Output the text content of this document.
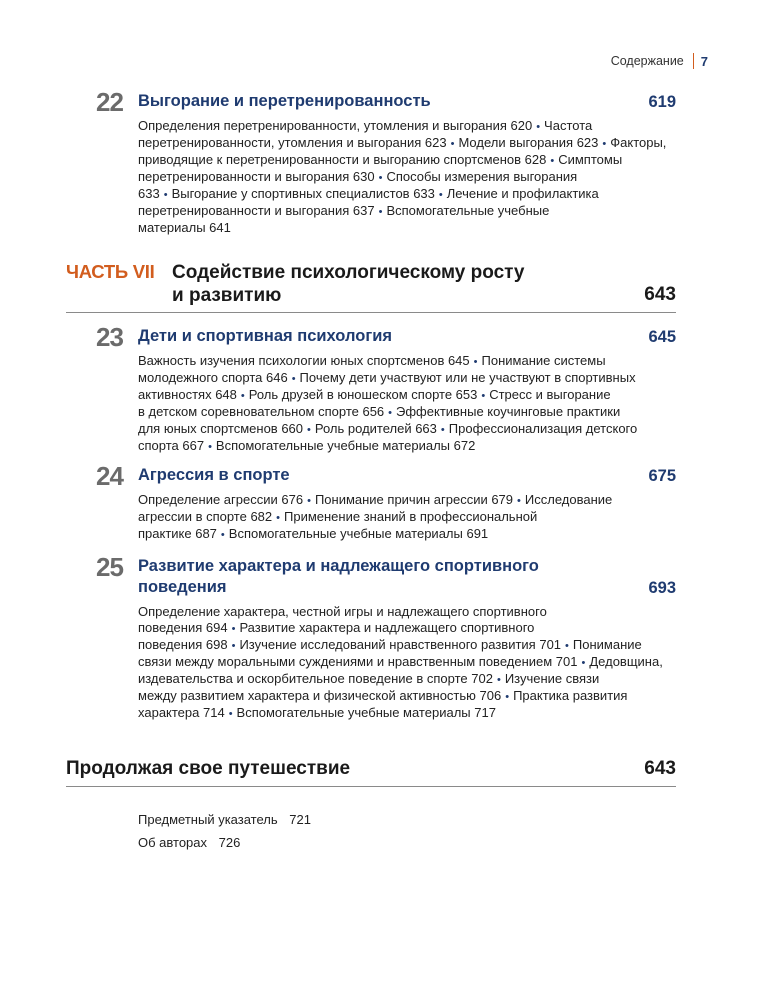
Содержание 7
22 Выгорание и перетренированность	619
Определения перетренированности, утомления и выгорания 620 • Частота
перетренированности, утомления и выгорания 623 • Модели выгорания 623 • Факторы,
приводящие к перетренированности и выгоранию спортсменов 628 • Симптомы
перетренированности и выгорания 630 • Способы измерения выгорания
633 • Выгорание у спортивных специалистов 633 • Лечение и профилактика
перетренированности и выгорания 637 • Вспомогательные учебные
материалы 641
ЧАСТЬ VII Содействие психологическому росту
и развитию	643
23 Дети и спортивная психология	645
Важность изучения психологии юных спортсменов 645 • Понимание системы
молодежного спорта 646 • Почему дети участвуют или не участвуют в спортивных
активностях 648 • Роль друзей в юношеском спорте 653 • Стресс и выгорание
в детском соревновательном спорте 656 • Эффективные коучинговые практики
для юных спортсменов 660 • Роль родителей 663 • Профессионализация детского
спорта 667 • Вспомогательные учебные материалы 672
24 Агрессия в спорте	675
Определение агрессии 676 • Понимание причин агрессии 679 • Исследование
агрессии в спорте 682 • Применение знаний в профессиональной
практике 687 • Вспомогательные учебные материалы 691
25 Развитие характера и надлежащего спортивного
поведения	693
Определение характера, честной игры и надлежащего спортивного
поведения 694 • Развитие характера и надлежащего спортивного
поведения 698 • Изучение исследований нравственного развития 701 • Понимание
связи между моральными суждениями и нравственным поведением 701 • Дедовщина,
издевательства и оскорбительное поведение в спорте 702 • Изучение связи
между развитием характера и физической активностью 706 • Практика развития
характера 714 • Вспомогательные учебные материалы 717
Продолжая свое путешествие	643
Предметный указатель 721
Об авторах 726
